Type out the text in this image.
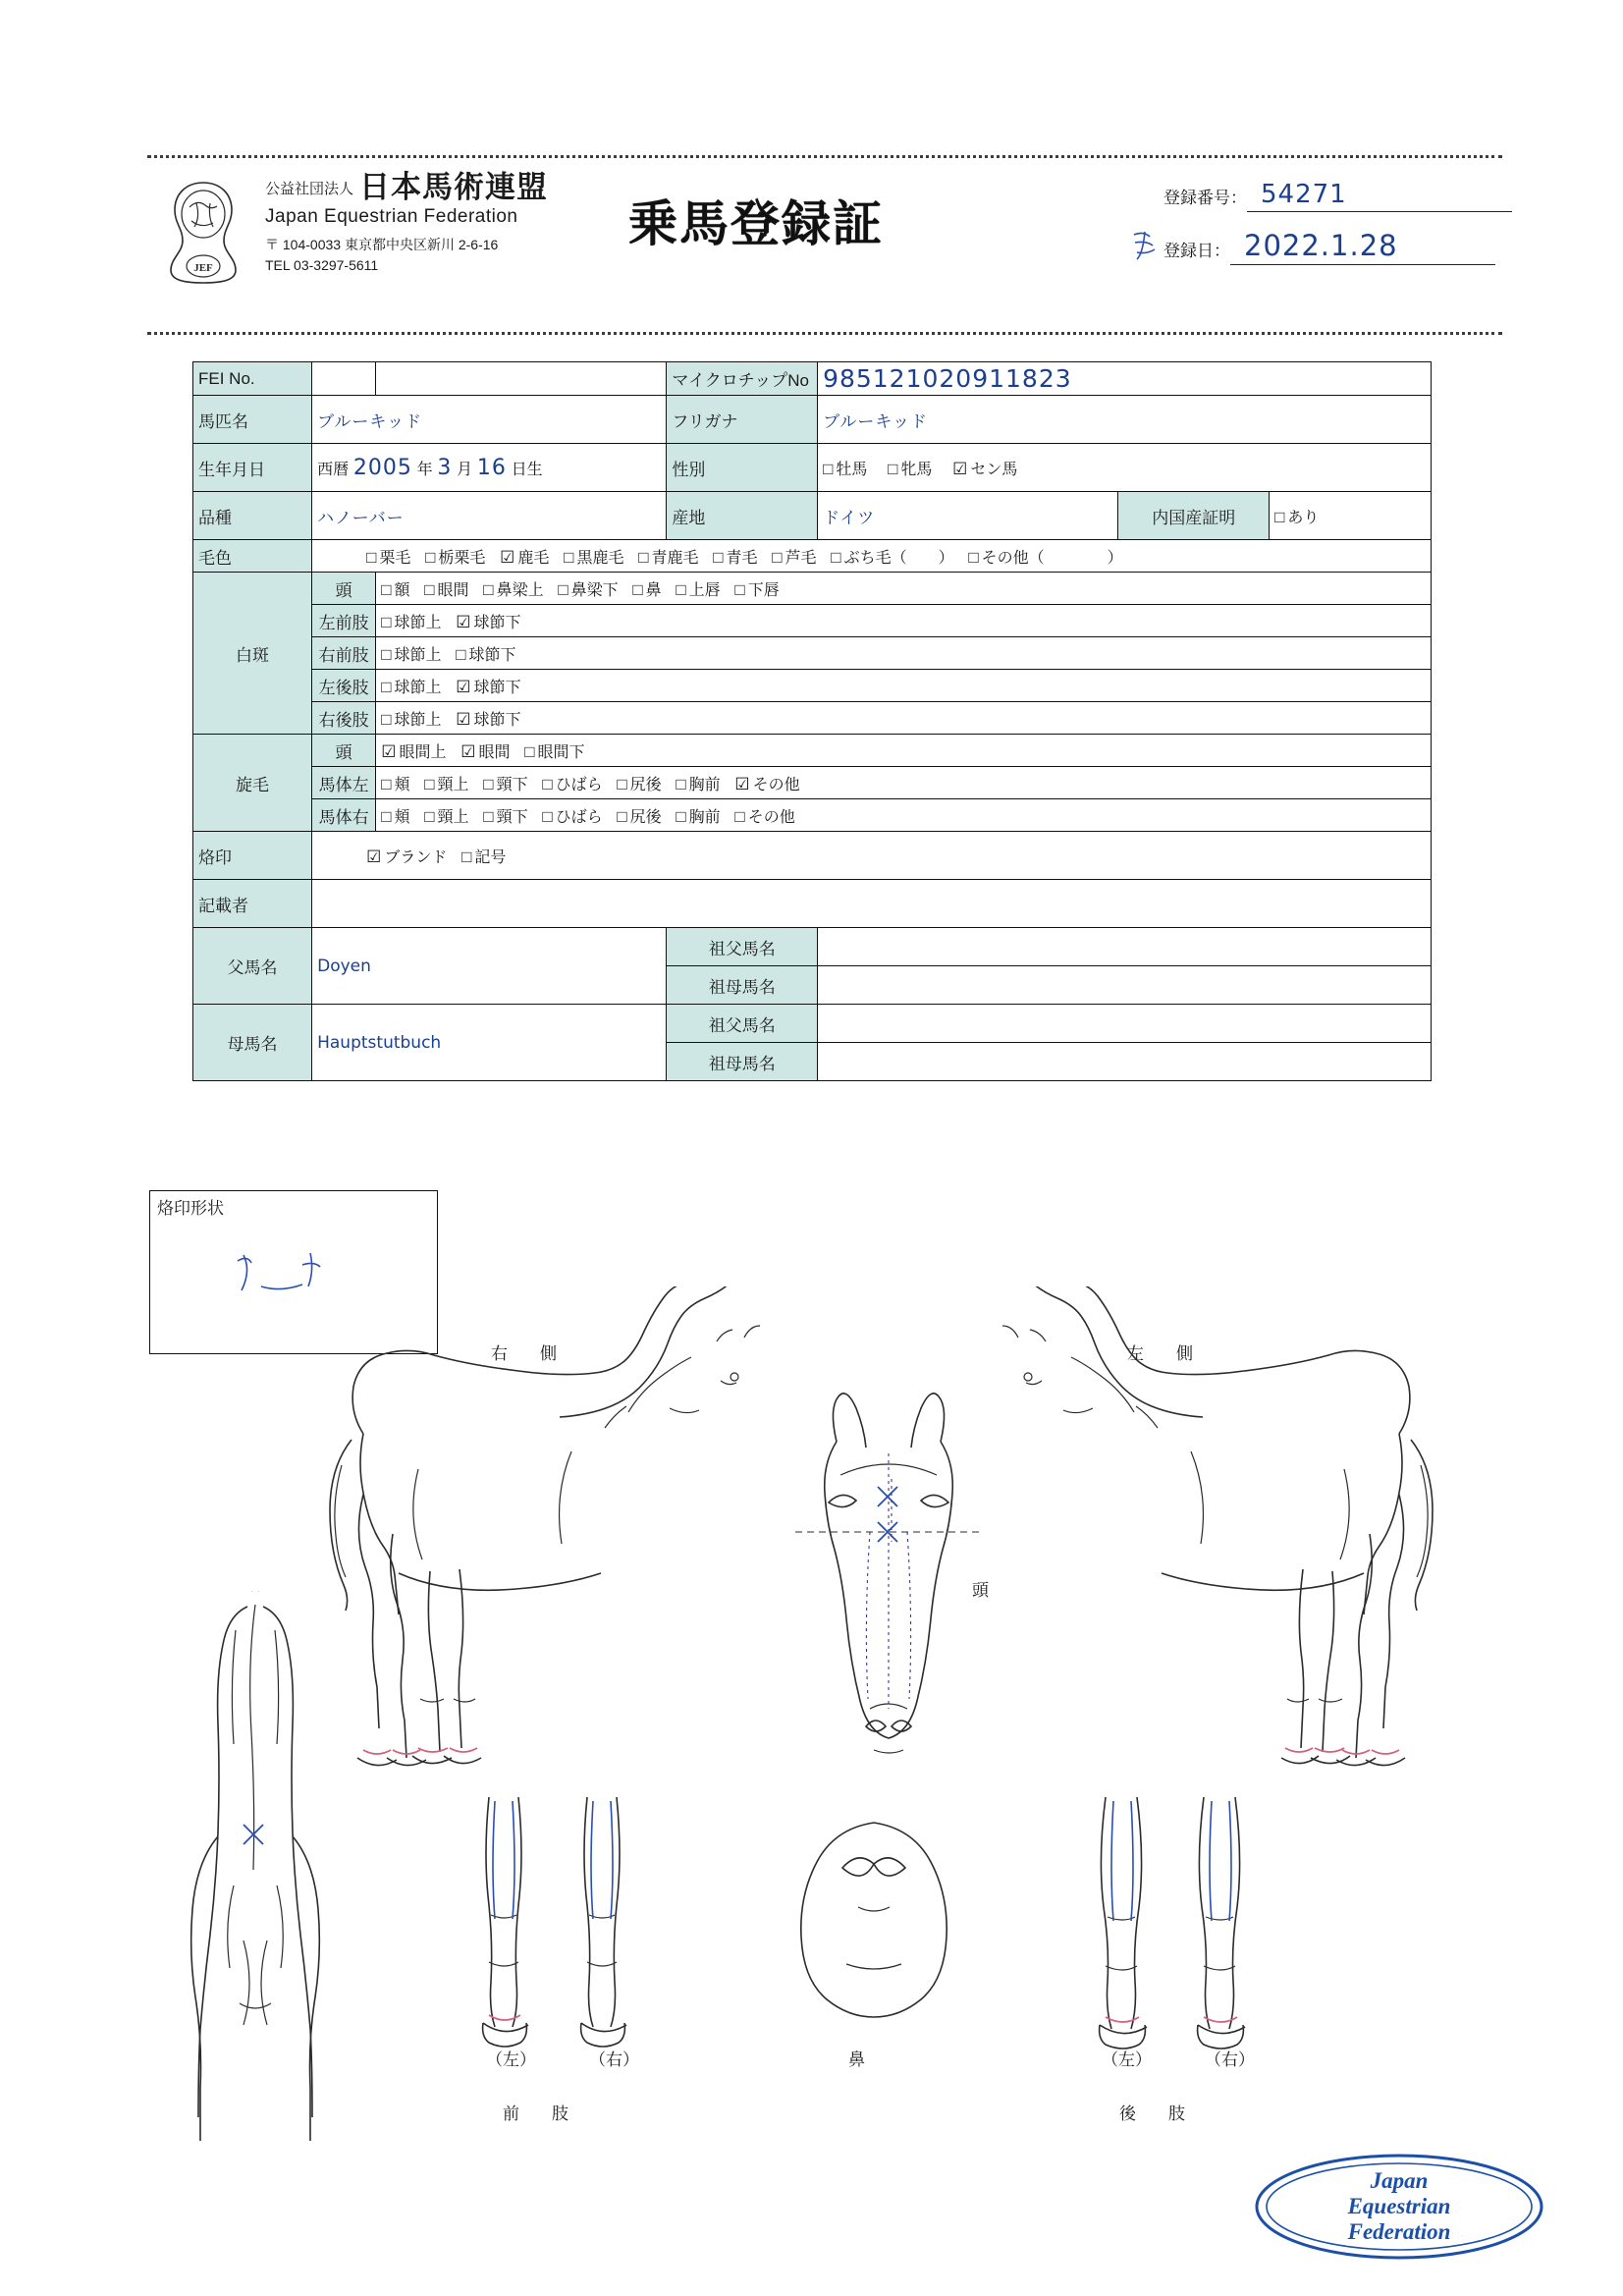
JEF
公益社団法人 日本馬術連盟
Japan Equestrian Federation
〒 104-0033 東京都中央区新川 2-6-16
TEL 03-3297-5611
乗馬登録証	登録番号： 54271
登録日： 2022.1.28
FEI No.			マイクロチップNo	985121020911823		
馬匹名	ブルーキッド		フリガナ	ブルーキッド		
生年月日	西暦 2005 年 3 月 16 日生		性別	□ 牡馬 □ 牝馬 ☑ セン馬		
品種	ハノーバー		産地	ドイツ	内国産証明	□ あり
毛色	□ 栗毛 □ 栃栗毛 ☑ 鹿毛 □ 黒鹿毛 □ 青鹿毛 □ 青毛 □ 芦毛 □ ぶち毛（　　） □ その他（　　　　）					
白斑	頭	□ 額 □ 眼間 □ 鼻梁上 □ 鼻梁下 □ 鼻 □ 上唇 □ 下唇				
	左前肢	□ 球節上 ☑ 球節下				
	右前肢	□ 球節上 □ 球節下				
	左後肢	□ 球節上 ☑ 球節下				
	右後肢	□ 球節上 ☑ 球節下				
旋毛	頭	☑ 眼間上 ☑ 眼間 □ 眼間下				
	馬体左	□ 頬 □ 頸上 □ 頸下 □ ひばら □ 尻後 □ 胸前 ☑ その他				
	馬体右	□ 頬 □ 頸上 □ 頸下 □ ひばら □ 尻後 □ 胸前 □ その他				
烙印	☑ ブランド □ 記号					
記載者						
父馬名	Doyen		祖父馬名			
			祖母馬名			
母馬名	Hauptstutbuch		祖父馬名			
			祖母馬名			
烙印形状
右　側	左　側
頭
鼻
（左）	（右）
前　肢
（左）	（右）
後　肢
Japan
Equestrian
Federation
